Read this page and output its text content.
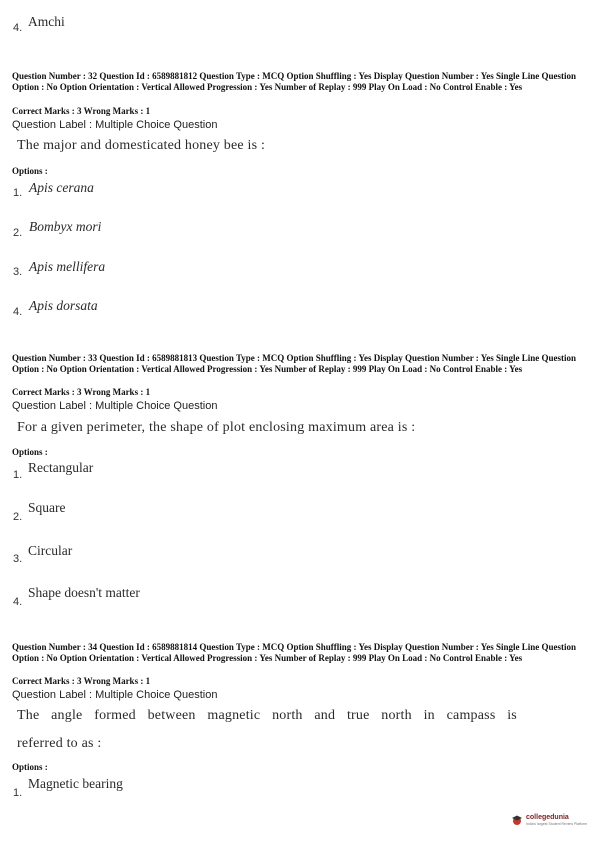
4. Amchi
Question Number : 32 Question Id : 6589881812 Question Type : MCQ Option Shuffling : Yes Display Question Number : Yes Single Line Question Option : No Option Orientation : Vertical Allowed Progression : Yes Number of Replay : 999 Play On Load : No Control Enable : Yes
Correct Marks : 3 Wrong Marks : 1
Question Label : Multiple Choice Question
The major and domesticated honey bee is :
Options :
1. Apis cerana
2. Bombyx mori
3. Apis mellifera
4. Apis dorsata
Question Number : 33 Question Id : 6589881813 Question Type : MCQ Option Shuffling : Yes Display Question Number : Yes Single Line Question Option : No Option Orientation : Vertical Allowed Progression : Yes Number of Replay : 999 Play On Load : No Control Enable : Yes
Correct Marks : 3 Wrong Marks : 1
Question Label : Multiple Choice Question
For a given perimeter, the shape of plot enclosing maximum area is :
Options :
1. Rectangular
2.
Square
3.
Circular
4.
Shape doesn't matter
Question Number : 34 Question Id : 6589881814 Question Type : MCQ Option Shuffling : Yes Display Question Number : Yes Single Line Question Option : No Option Orientation : Vertical Allowed Progression : Yes Number of Replay : 999 Play On Load : No Control Enable : Yes
Correct Marks : 3 Wrong Marks : 1
Question Label : Multiple Choice Question
The angle formed between magnetic north and true north in campass is
referred to as :
Options :
1.
Magnetic bearing
collegedunia
India's largest Student Review Platform
